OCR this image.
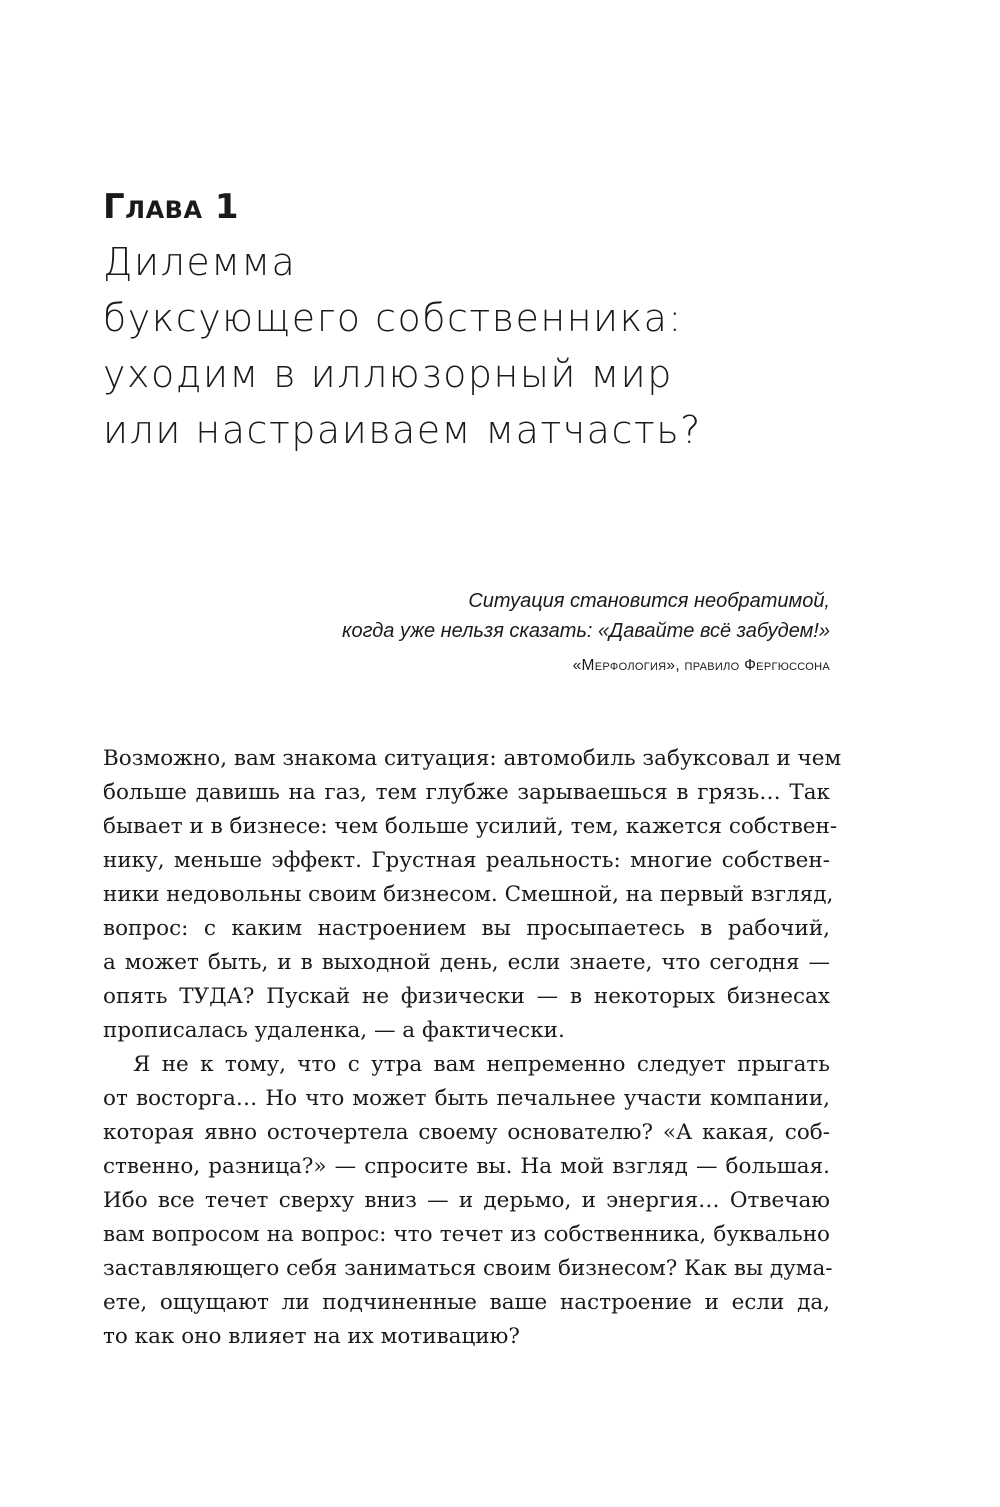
Глава 1
Дилемма
буксующего собственника:
уходим в иллюзорный мир
или настраиваем матчасть?
Ситуация становится необратимой,
когда уже нельзя сказать: «Давайте всё забудем!»
«Мерфология», правило Фергюссона
Возможно, вам знакома ситуация: автомобиль забуксовал и чем
больше давишь на газ, тем глубже зарываешься в грязь… Так
бывает и в бизнесе: чем больше усилий, тем, кажется собствен-
нику, меньше эффект. Грустная реальность: многие собствен-
ники недовольны своим бизнесом. Смешной, на первый взгляд,
вопрос: с каким настроением вы просыпаетесь в рабочий,
а может быть, и в выходной день, если знаете, что сегодня —
опять ТУДА? Пускай не физически — в некоторых бизнесах
прописалась удаленка, — а фактически.
Я не к тому, что с утра вам непременно следует прыгать
от восторга… Но что может быть печальнее участи компании,
которая явно осточертела своему основателю? «А какая, соб-
ственно, разница?» — спросите вы. На мой взгляд — большая.
Ибо все течет сверху вниз — и дерьмо, и энергия… Отвечаю
вам вопросом на вопрос: что течет из собственника, буквально
заставляющего себя заниматься своим бизнесом? Как вы дума-
ете, ощущают ли подчиненные ваше настроение и если да,
то как оно влияет на их мотивацию?
